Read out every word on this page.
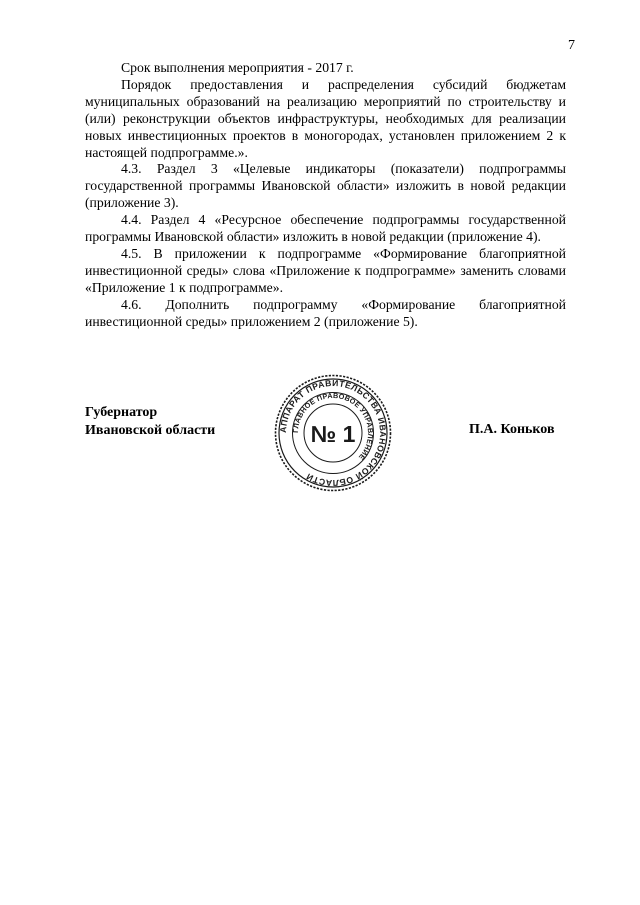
7

Срок выполнения мероприятия - 2017 г.

Порядок предоставления и распределения субсидий бюджетам муниципальных образований на реализацию мероприятий по строительству и (или) реконструкции объектов инфраструктуры, необходимых для реализации новых инвестиционных проектов в моногородах, установлен приложением 2 к настоящей подпрограмме.».

4.3. Раздел 3 «Целевые индикаторы (показатели) подпрограммы государственной программы Ивановской области» изложить в новой редакции (приложение 3).

4.4. Раздел 4 «Ресурсное обеспечение подпрограммы государственной программы Ивановской области» изложить в новой редакции (приложение 4).

4.5. В приложении к подпрограмме «Формирование благоприятной инвестиционной среды» слова «Приложение к подпрограмме» заменить словами «Приложение 1 к подпрограмме».

4.6. Дополнить подпрограмму «Формирование благоприятной инвестиционной среды» приложением 2 (приложение 5).

Губернатор
Ивановской области	АППАРАТ ПРАВИТЕЛЬСТВА ИВАНОВСКОЙ ОБЛАСТИ
ГЛАВНОЕ ПРАВОВОЕ УПРАВЛЕНИЕ
№ 1	П.А. Коньков
